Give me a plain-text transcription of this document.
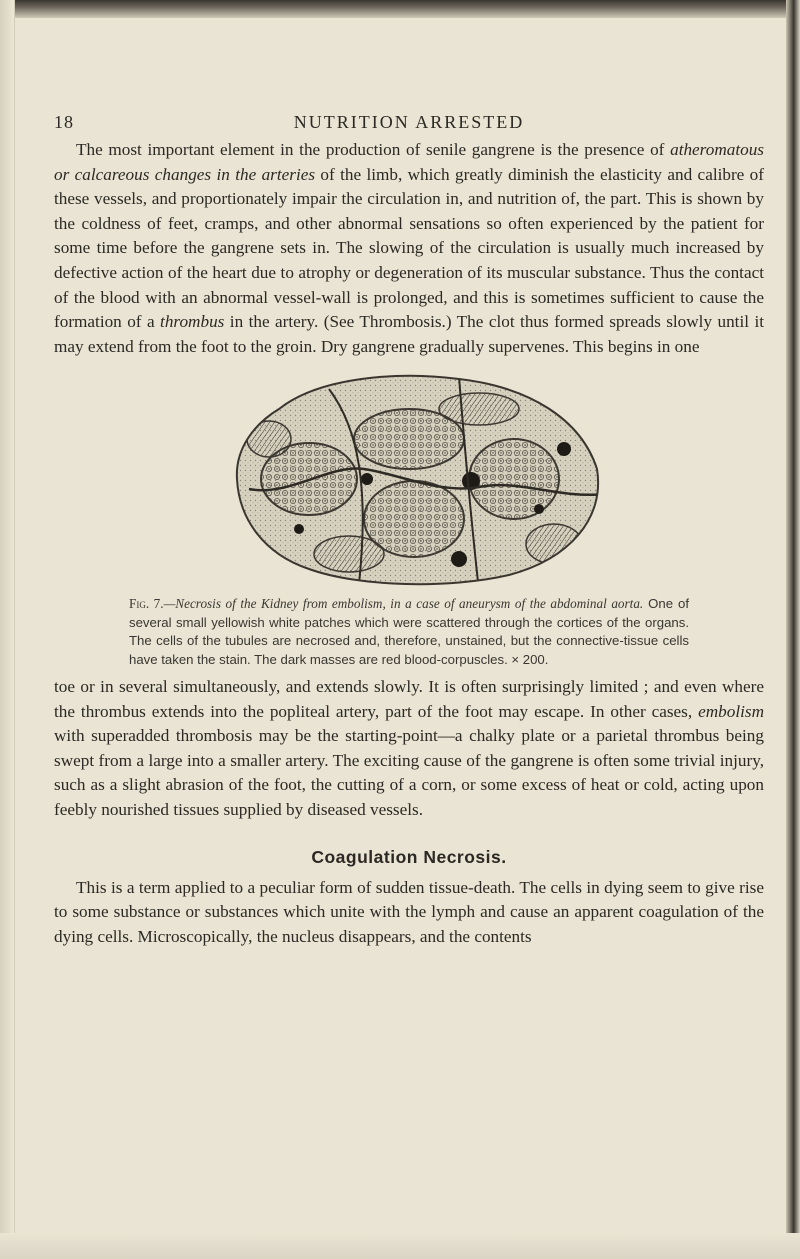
18	NUTRITION ARRESTED

The most important element in the production of senile gangrene is the presence of atheromatous or calcareous changes in the arteries of the limb, which greatly diminish the elasticity and calibre of these vessels, and proportionately impair the circulation in, and nutrition of, the part. This is shown by the coldness of feet, cramps, and other abnormal sensations so often experienced by the patient for some time before the gangrene sets in. The slowing of the circulation is usually much increased by defective action of the heart due to atrophy or degeneration of its muscular substance. Thus the contact of the blood with an abnormal vessel-wall is prolonged, and this is sometimes sufficient to cause the formation of a thrombus in the artery. (See Thrombosis.) The clot thus formed spreads slowly until it may extend from the foot to the groin. Dry gangrene gradually supervenes. This begins in one

Fig. 7.—Necrosis of the Kidney from embolism, in a case of aneurysm of the abdominal aorta. One of several small yellowish white patches which were scattered through the cortices of the organs. The cells of the tubules are necrosed and, therefore, unstained, but the connective-tissue cells have taken the stain. The dark masses are red blood-corpuscles. × 200.

toe or in several simultaneously, and extends slowly. It is often surprisingly limited ; and even where the thrombus extends into the popliteal artery, part of the foot may escape. In other cases, embolism with superadded thrombosis may be the starting-point—a chalky plate or a parietal thrombus being swept from a large into a smaller artery. The exciting cause of the gangrene is often some trivial injury, such as a slight abrasion of the foot, the cutting of a corn, or some excess of heat or cold, acting upon feebly nourished tissues supplied by diseased vessels.

Coagulation Necrosis.

This is a term applied to a peculiar form of sudden tissue-death. The cells in dying seem to give rise to some substance or substances which unite with the lymph and cause an apparent coagulation of the dying cells. Microscopically, the nucleus disappears, and the contents
